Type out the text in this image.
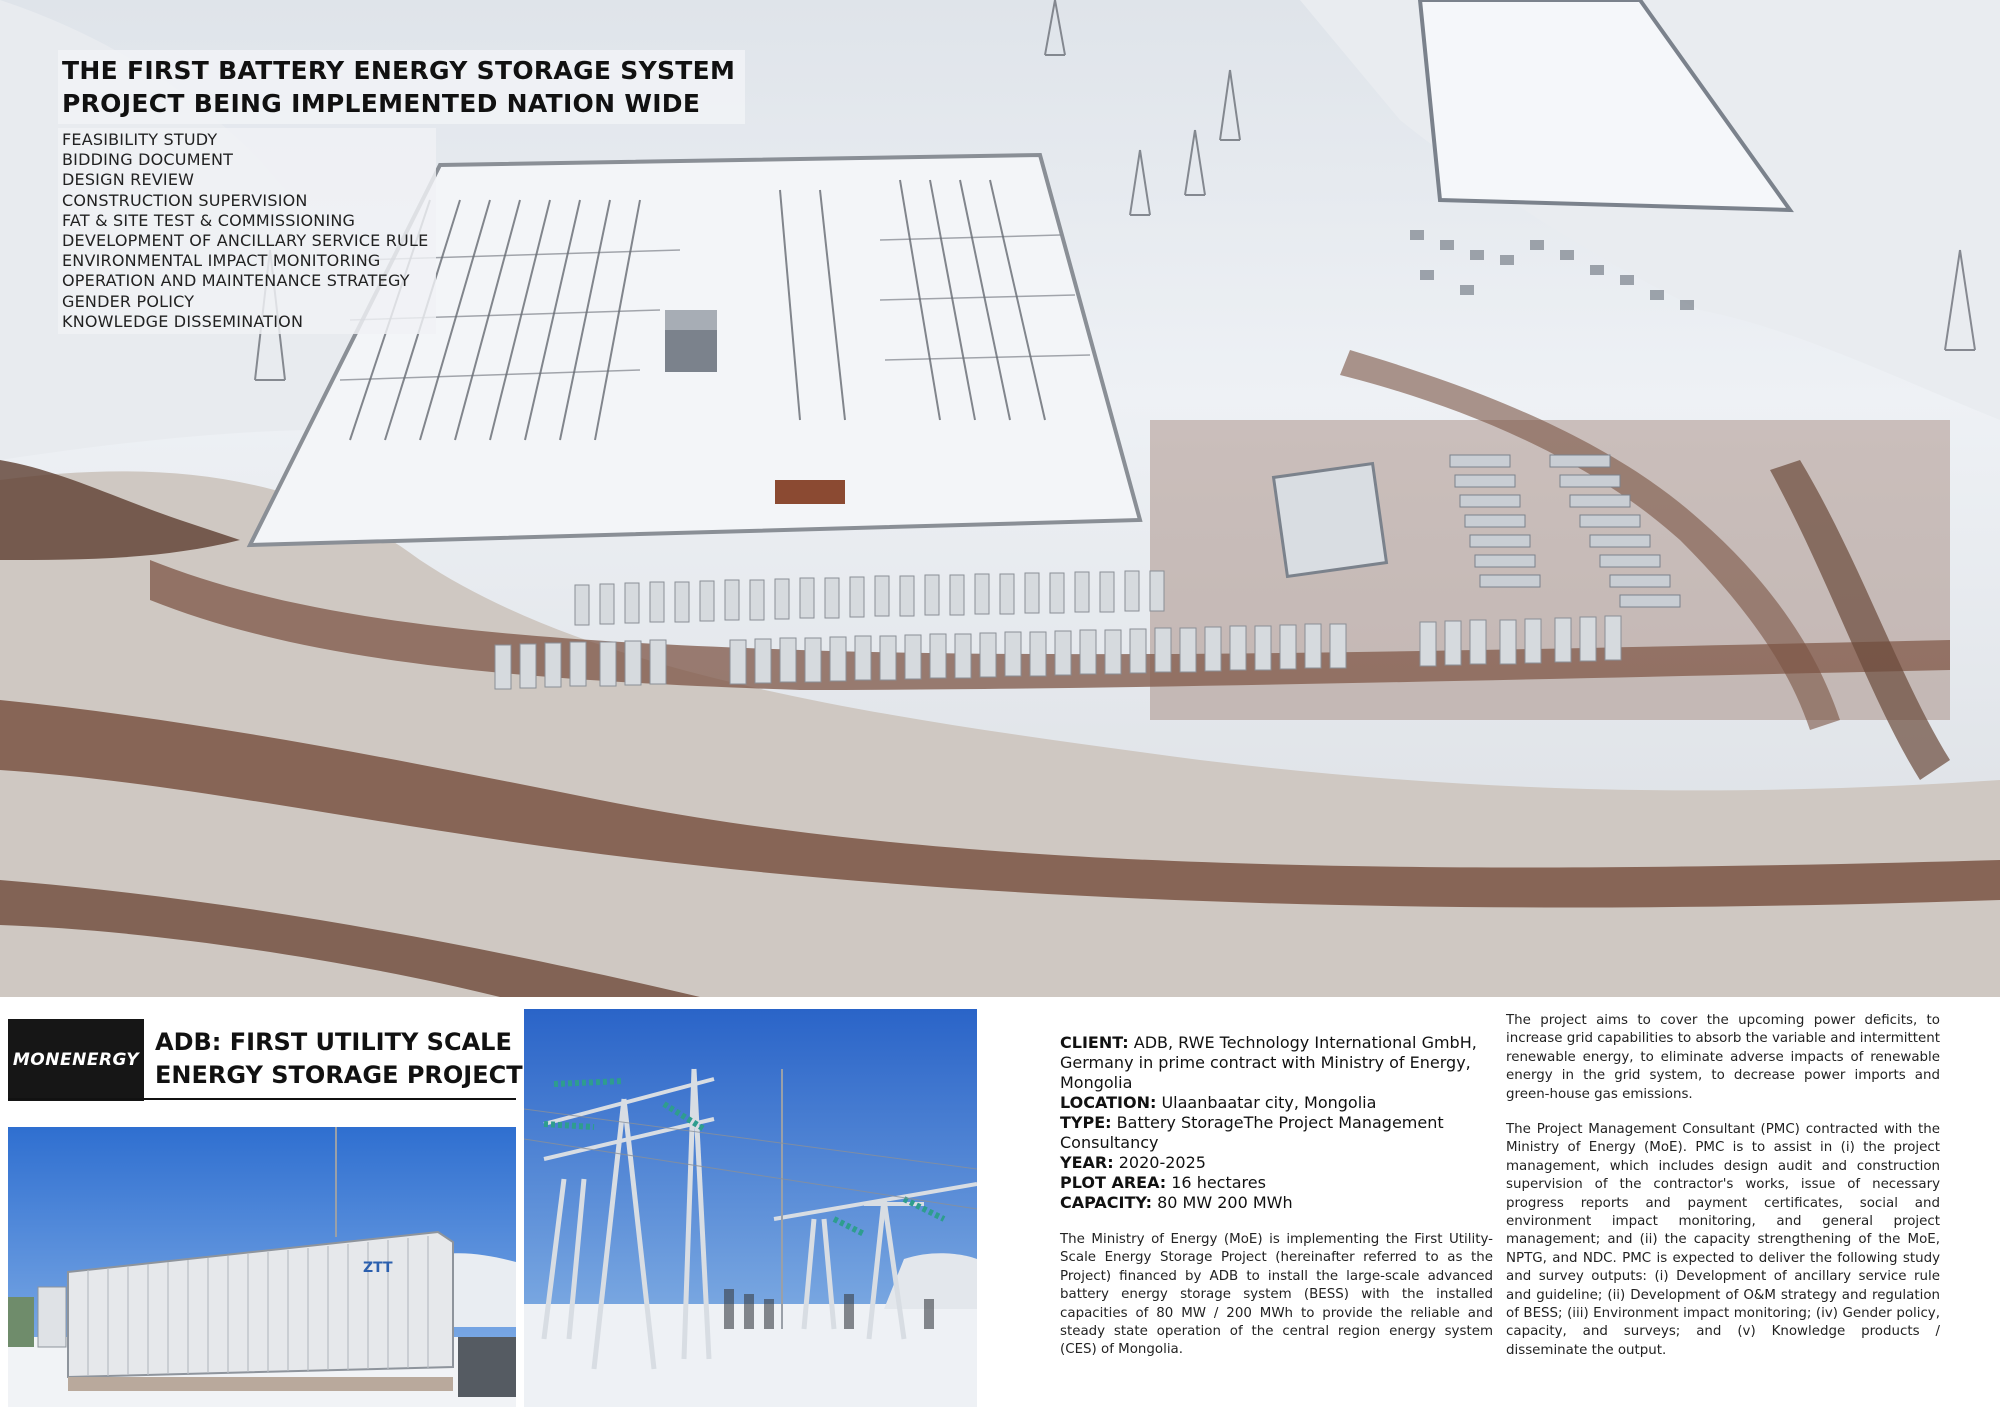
THE FIRST BATTERY ENERGY STORAGE SYSTEM
PROJECT BEING IMPLEMENTED NATION WIDE

FEASIBILITY STUDY
BIDDING DOCUMENT
DESIGN REVIEW
CONSTRUCTION SUPERVISION
FAT & SITE TEST & COMMISSIONING
DEVELOPMENT OF ANCILLARY SERVICE RULE
ENVIRONMENTAL IMPACT MONITORING
OPERATION AND MAINTENANCE STRATEGY
GENDER POLICY
KNOWLEDGE DISSEMINATION
MONENERGY
ADB: FIRST UTILITY SCALE
ENERGY STORAGE PROJECT
ZTT
CLIENT: ADB, RWE Technology International GmbH, Germany in prime contract with Ministry of Energy, Mongolia
LOCATION: Ulaanbaatar city, Mongolia
TYPE: Battery StorageThe Project Management Consultancy
YEAR: 2020-2025
PLOT AREA: 16 hectares
CAPACITY: 80 MW 200 MWh
The Ministry of Energy (MoE) is implementing the First Utility-Scale Energy Storage Project (hereinafter referred to as the Project) financed by ADB to install the large-scale advanced battery energy storage system (BESS) with the installed capacities of 80 MW / 200 MWh to provide the reliable and steady state operation of the central region energy system (CES) of Mongolia.
The project aims to cover the upcoming power deficits, to increase grid capabilities to absorb the variable and intermittent renewable energy, to eliminate adverse impacts of renewable energy in the grid system, to decrease power imports and green-house gas emissions.
The Project Management Consultant (PMC) contracted with the Ministry of Energy (MoE). PMC is to assist in (i) the project management, which includes design audit and construction supervision of the contractor's works, issue of necessary progress reports and payment certificates, social and environment impact monitoring, and general project management; and (ii) the capacity strengthening of the MoE, NPTG, and NDC. PMC is expected to deliver the following study and survey outputs: (i) Development of ancillary service rule and guideline; (ii) Development of O&M strategy and regulation of BESS; (iii) Environment impact monitoring; (iv) Gender policy, capacity, and surveys; and (v) Knowledge products / disseminate the output.
